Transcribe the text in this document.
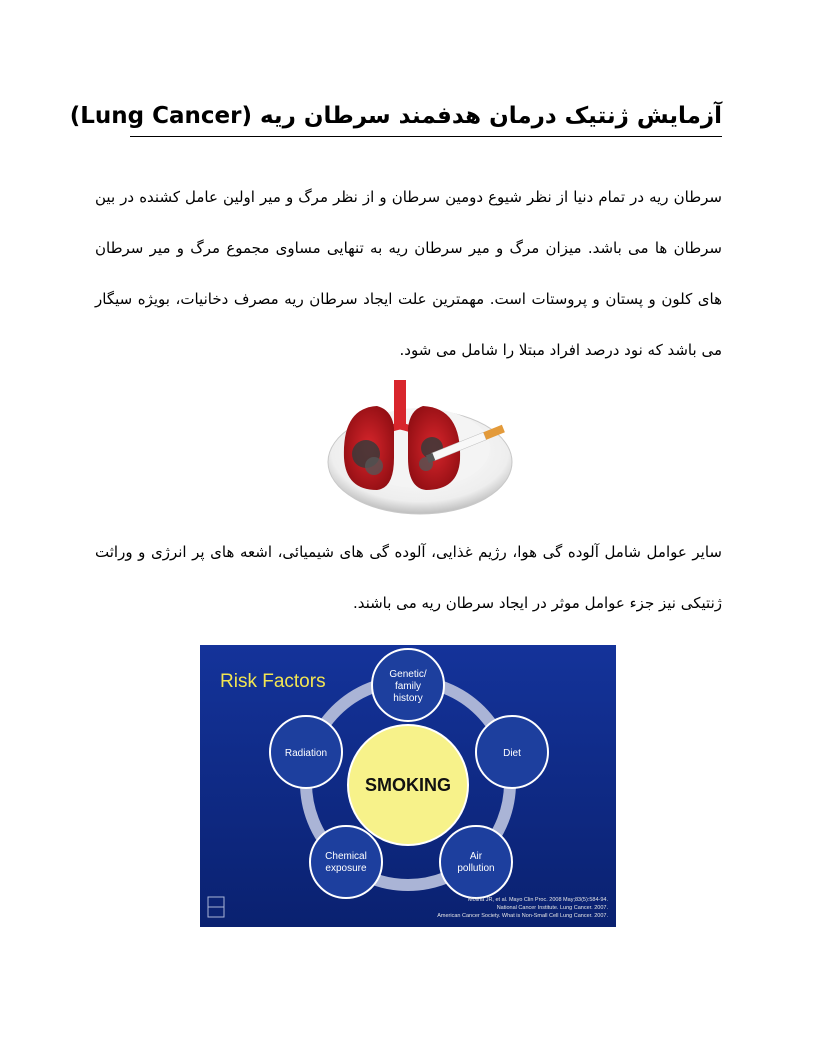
آزمایش ژنتیک درمان هدفمند سرطان ریه (Lung Cancer)
سرطان ریه در تمام دنیا از نظر شیوع دومین سرطان و از نظر مرگ و میر اولین عامل کشنده در بین سرطان ها می باشد. میزان مرگ و میر سرطان ریه به تنهایی مساوی مجموع مرگ و میر سرطان های کلون و پستان و پروستات است. مهمترین علت ایجاد سرطان ریه مصرف دخانیات، بویژه سیگار می باشد که نود درصد افراد مبتلا را شامل می شود.
سایر عوامل شامل آلوده گی هوا، رژیم غذایی، آلوده گی های شیمیائی، اشعه های پر انرژی و وراثت ژنتیکی نیز جزء عوامل موثر در ایجاد سرطان ریه می باشند.
Risk Factors
SMOKING
Genetic/
family
history
Diet
Air
pollution
Chemical
exposure
Radiation
Molina JR, et al. Mayo Clin Proc. 2008 May;83(5):584-94.
National Cancer Institute. Lung Cancer. 2007.
American Cancer Society. What is Non-Small Cell Lung Cancer. 2007.
